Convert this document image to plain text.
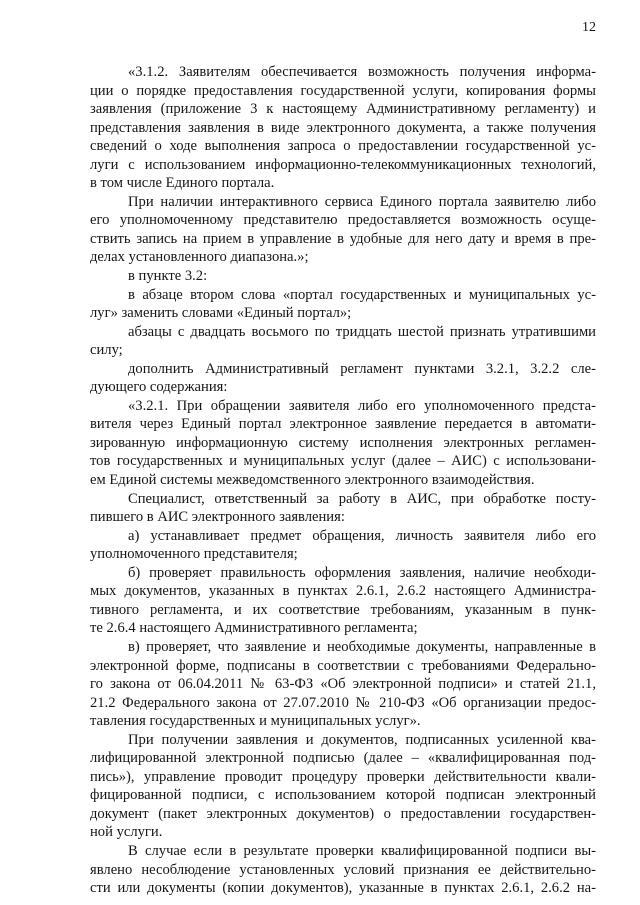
12
«3.1.2. Заявителям обеспечивается возможность получения информа-
ции о порядке предоставления государственной услуги, копирования формы
заявления (приложение 3 к настоящему Административному регламенту) и
представления заявления в виде электронного документа, а также получения
сведений о ходе выполнения запроса о предоставлении государственной ус-
луги с использованием информационно-телекоммуникационных технологий,
в том числе Единого портала.
При наличии интерактивного сервиса Единого портала заявителю либо
его уполномоченному представителю предоставляется возможность осуще-
ствить запись на прием в управление в удобные для него дату и время в пре-
делах установленного диапазона.»;
в пункте 3.2:
в абзаце втором слова «портал государственных и муниципальных ус-
луг» заменить словами «Единый портал»;
абзацы с двадцать восьмого по тридцать шестой признать утратившими
силу;
дополнить Административный регламент пунктами 3.2.1, 3.2.2 сле-
дующего содержания:
«3.2.1. При обращении заявителя либо его уполномоченного предста-
вителя через Единый портал электронное заявление передается в автомати-
зированную информационную систему исполнения электронных регламен-
тов государственных и муниципальных услуг (далее – АИС) с использовани-
ем Единой системы межведомственного электронного взаимодействия.
Специалист, ответственный за работу в АИС, при обработке посту-
пившего в АИС электронного заявления:
а) устанавливает предмет обращения, личность заявителя либо его
уполномоченного представителя;
б) проверяет правильность оформления заявления, наличие необходи-
мых документов, указанных в пунктах 2.6.1, 2.6.2 настоящего Администра-
тивного регламента, и их соответствие требованиям, указанным в пунк-
те 2.6.4 настоящего Административного регламента;
в) проверяет, что заявление и необходимые документы, направленные в
электронной форме, подписаны в соответствии с требованиями Федерально-
го закона от 06.04.2011 № 63-ФЗ «Об электронной подписи» и статей 21.1,
21.2 Федерального закона от 27.07.2010 № 210-ФЗ «Об организации предос-
тавления государственных и муниципальных услуг».
При получении заявления и документов, подписанных усиленной ква-
лифицированной электронной подписью (далее – «квалифицированная под-
пись»), управление проводит процедуру проверки действительности квали-
фицированной подписи, с использованием которой подписан электронный
документ (пакет электронных документов) о предоставлении государствен-
ной услуги.
В случае если в результате проверки квалифицированной подписи вы-
явлено несоблюдение установленных условий признания ее действительно-
сти или документы (копии документов), указанные в пунктах 2.6.1, 2.6.2 на-
